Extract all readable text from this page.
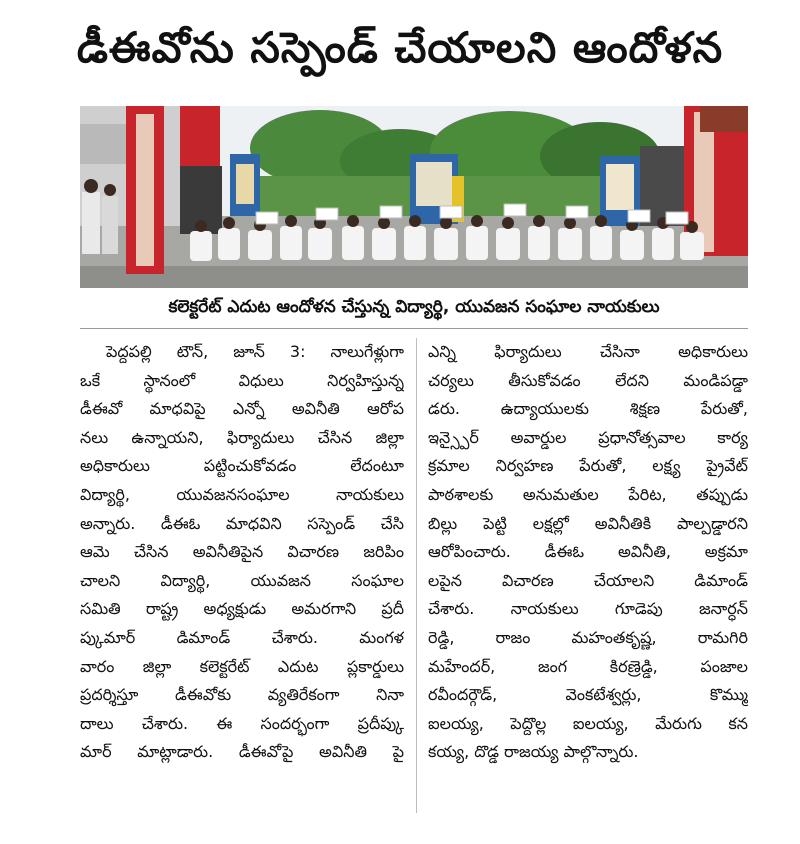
డీఈవోను సస్పెండ్ చేయాలని ఆందోళన
కలెక్టరేట్ ఎదుట ఆందోళన చేస్తున్న విద్యార్థి, యువజన సంఘాల నాయకులు
పెద్దపల్లి టౌన్, జూన్ 3: నాలుగేళ్లుగా
ఒకే స్థానంలో విధులు నిర్వహిస్తున్న
డీఈవో మాధవిపై ఎన్నో అవినీతి ఆరోప
నలు ఉన్నాయని, ఫిర్యాదులు చేసిన జిల్లా
అధికారులు పట్టించుకోవడం లేదంటూ
విద్యార్థి, యువజనసంఘాల నాయకులు
అన్నారు. డీఈఓ మాధవిని సస్పెండ్ చేసి
ఆమె చేసిన అవినీతిపైన విచారణ జరిపిం
చాలని విద్యార్థి, యువజన సంఘాల
సమితి రాష్ట్ర అధ్యక్షుడు అమరగాని ప్రదీ
ప్కుమార్ డిమాండ్ చేశారు. మంగళ
వారం జిల్లా కలెక్టరేట్ ఎదుట ప్లకార్డులు
ప్రదర్శిస్తూ డీఈవోకు వ్యతిరేకంగా నినా
దాలు చేశారు. ఈ సందర్భంగా ప్రదీప్కు
మార్ మాట్లాడారు. డీఈవోపై అవినీతి పై
ఎన్ని ఫిర్యాదులు చేసినా అధికారులు
చర్యలు తీసుకోవడం లేదని మండిపడ్డా
డరు. ఉద్యాయులకు శిక్షణ పేరుతో,
ఇన్స్పైర్ అవార్డుల ప్రధానోత్సవాల కార్య
క్రమాల నిర్వహణ పేరుతో, లక్ష్య ప్రైవేట్
పాఠశాలకు అనుమతుల పేరిట, తప్పుడు
బిల్లు పెట్టి లక్షల్లో అవినీతికి పాల్పడ్డారని
ఆరోపించారు. డీఈఓ అవినీతి, అక్రమా
లపైన విచారణ చేయాలని డిమాండ్
చేశారు. నాయకులు గూడెపు జనార్ధన్
రెడ్డి, రాజం మహంతకృష్ణ, రామగిరి
మహేందర్, జంగ కిరణ్రెడ్డి, పంజాల
రవీందర్గౌడ్, వెంకటేశ్వర్లు, కొమ్ము
ఐలయ్య, పెద్దొల్ల ఐలయ్య, మేరుగు కన
కయ్య, దొడ్డ రాజయ్య పాల్గొన్నారు.
